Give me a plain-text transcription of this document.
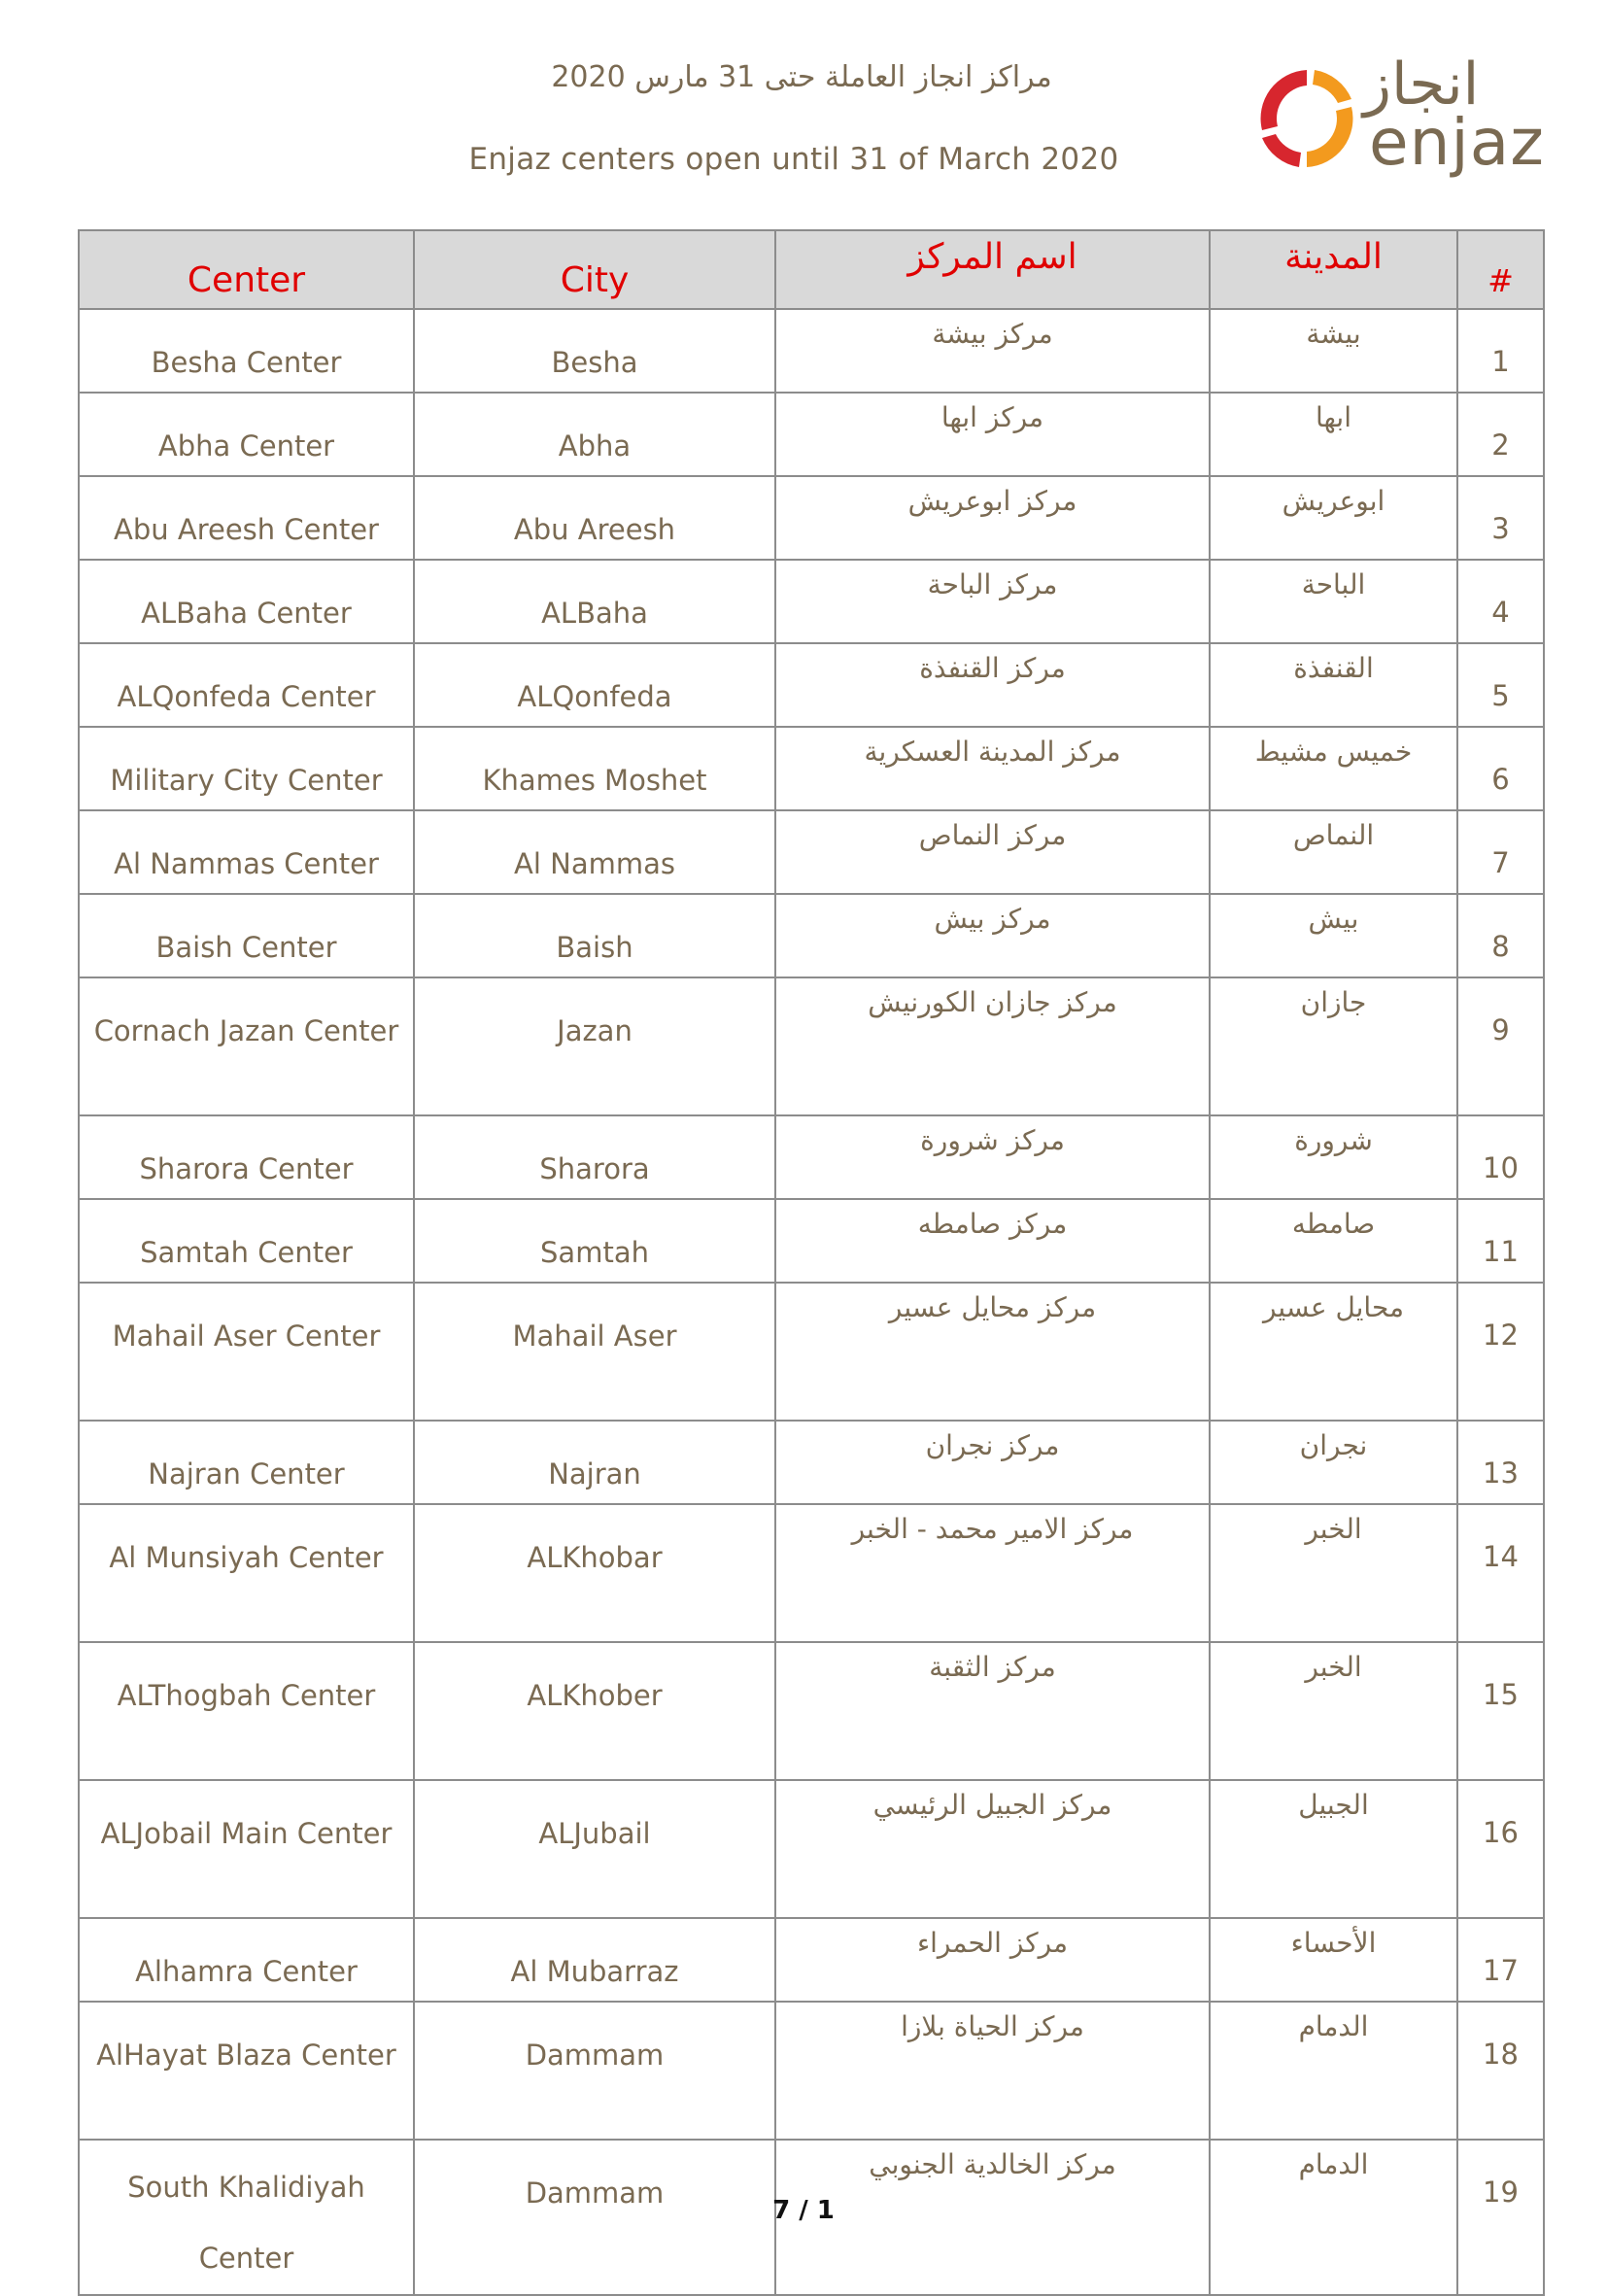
مراكز انجاز العاملة حتى 31 مارس 2020
Enjaz centers open until 31 of March 2020
انجاز
enjaz
Center	City	اسم المركز	المدينة	#

Besha Center	Besha	مركز بيشة	بيشة	1

Abha Center	Abha	مركز ابها	ابها	2

Abu Areesh Center	Abu Areesh	مركز ابوعريش	ابوعريش	3

ALBaha Center	ALBaha	مركز الباحة	الباحة	4

ALQonfeda Center	ALQonfeda	مركز القنفذة	القنفذة	5

Military City Center	Khames Moshet	مركز المدينة العسكرية	خميس مشيط	6

Al Nammas Center	Al Nammas	مركز النماص	النماص	7

Baish Center	Baish	مركز بيش	بيش	8

Cornach Jazan Center	Jazan	مركز جازان الكورنيش	جازان	9

Sharora Center	Sharora	مركز شرورة	شرورة	10

Samtah Center	Samtah	مركز صامطه	صامطه	11

Mahail Aser Center	Mahail Aser	مركز محايل عسير	محايل عسير	12

Najran Center	Najran	مركز نجران	نجران	13

Al Munsiyah Center	ALKhobar	مركز الامير محمد - الخبر	الخبر	14

ALThogbah Center	ALKhober	مركز الثقبة	الخبر	15

ALJobail Main Center	ALJubail	مركز الجبيل الرئيسي	الجبيل	16

Alhamra Center	Al Mubarraz	مركز الحمراء	الأحساء	17

AlHayat Blaza Center	Dammam	مركز الحياة بلازا	الدمام	18

South Khalidiyah Center	Dammam	مركز الخالدية الجنوبي	الدمام	19
7 / 1
